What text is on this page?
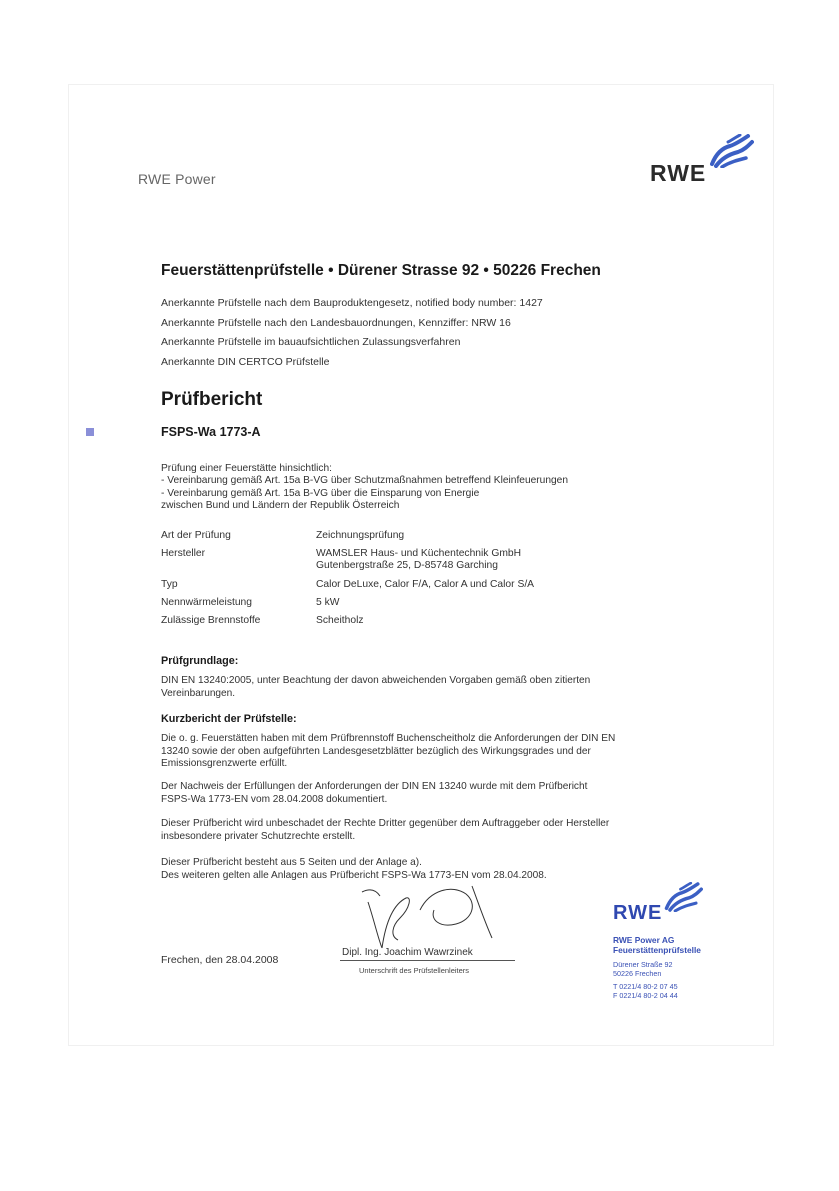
RWE Power	RWE
Feuerstättenprüfstelle • Dürener Strasse 92 • 50226 Frechen
Anerkannte Prüfstelle nach dem Bauproduktengesetz, notified body number: 1427
Anerkannte Prüfstelle nach den Landesbauordnungen, Kennziffer: NRW 16
Anerkannte Prüfstelle im bauaufsichtlichen Zulassungsverfahren
Anerkannte DIN CERTCO Prüfstelle
Prüfbericht
FSPS-Wa 1773-A
Prüfung einer Feuerstätte hinsichtlich:
- Vereinbarung gemäß Art. 15a B-VG über Schutzmaßnahmen betreffend Kleinfeuerungen
- Vereinbarung gemäß Art. 15a B-VG über die Einsparung von Energie
zwischen Bund und Ländern der Republik Österreich
Art der Prüfung	Zeichnungsprüfung
Hersteller	WAMSLER Haus- und Küchentechnik GmbH
Gutenbergstraße 25, D-85748 Garching
Typ	Calor DeLuxe, Calor F/A, Calor A und Calor S/A
Nennwärmeleistung	5 kW
Zulässige Brennstoffe	Scheitholz
Prüfgrundlage:
DIN EN 13240:2005, unter Beachtung der davon abweichenden Vorgaben gemäß oben zitierten
Vereinbarungen.
Kurzbericht der Prüfstelle:
Die o. g. Feuerstätten haben mit dem Prüfbrennstoff Buchenscheitholz die Anforderungen der DIN EN
13240 sowie der oben aufgeführten Landesgesetzblätter bezüglich des Wirkungsgrades und der
Emissionsgrenzwerte erfüllt.
Der Nachweis der Erfüllungen der Anforderungen der DIN EN 13240 wurde mit dem Prüfbericht
FSPS-Wa 1773-EN vom 28.04.2008 dokumentiert.
Dieser Prüfbericht wird unbeschadet der Rechte Dritter gegenüber dem Auftraggeber oder Hersteller
insbesondere privater Schutzrechte erstellt.
Dieser Prüfbericht besteht aus 5 Seiten und der Anlage a).
Des weiteren gelten alle Anlagen aus Prüfbericht FSPS-Wa 1773-EN vom 28.04.2008.
Frechen, den 28.04.2008
Dipl. Ing. Joachim Wawrzinek
Unterschrift des Prüfstellenleiters
RWE
RWE Power AG
Feuerstättenprüfstelle
Dürener Straße 92
50226 Frechen
T 0221/4 80-2 07 45
F 0221/4 80-2 04 44
